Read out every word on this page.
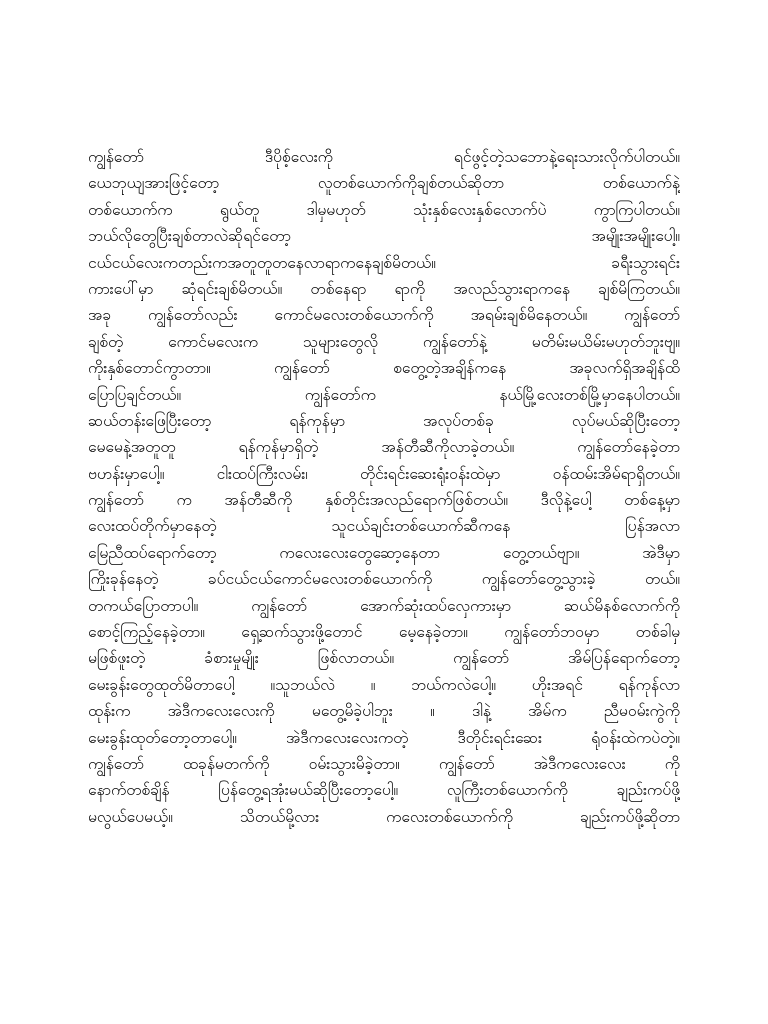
ကျွန်တော် ဒီပိုစ့်လေးကို ရင်ဖွင့်တဲ့သဘောနဲ့ရေးသားလိုက်ပါတယ်။
ယေဘုယျအားဖြင့်တော့ လူတစ်ယောက်ကိုချစ်တယ်ဆိုတာ တစ်ယောက်နဲ့
တစ်ယောက်က ရွယ်တူ ဒါမှမဟုတ် သုံးနှစ်လေးနှစ်လောက်ပဲ ကွာကြပါတယ်။
ဘယ်လိုတွေပြီးချစ်တာလဲဆိုရင်တော့ အမျိုးအမျိုးပေါ့။
ငယ်ငယ်လေးကတည်းကအတူတူတနေလာရာကနေချစ်မိတယ်။ ခရီးသွားရင်း
ကားပေါ်မှာ ဆုံရင်းချစ်မိတယ်။ တစ်နေရာ ရာကို အလည်သွားရာကနေ ချစ်မိကြတယ်။
အခု ကျွန်တော်လည်း ကောင်မလေးတစ်ယောက်ကို အရမ်းချစ်မိနေတယ်။ ကျွန်တော်
ချစ်တဲ့ ကောင်မလေးက သူများတွေလို ကျွန်တော်နဲ့ မတိမ်းမယိမ်းမဟုတ်ဘူးဗျ။
ကိုးနှစ်တောင်ကွာတာ။ ကျွန်တော် စတွေ့တဲ့အချိန်ကနေ အခုလက်ရှိအချိန်ထိ
ပြောပြချင်တယ်။ ကျွန်တော်က နယ်မြို့လေးတစ်မြို့မှာနေပါတယ်။
ဆယ်တန်းဖြေပြီးတော့ ရန်ကုန်မှာ အလုပ်တစ်ခု လုပ်မယ်ဆိုပြီးတော့
မေမေနဲ့အတူတူ ရန်ကုန်မှာရှိတဲ့ အန်တီဆီကိုလာခဲ့တယ်။ ကျွန်တော်နေခဲ့တာ
ဗဟန်းမှာပေါ့။ ငါးထပ်ကြီးလမ်း၊ တိုင်းရင်းဆေးရုံးဝန်းထဲမှာ ဝန်ထမ်းအိမ်ရာရှိတယ်။
ကျွန်တော် က အန်တီဆီကို နှစ်တိုင်းအလည်ရောက်ဖြစ်တယ်။ ဒီလိုနဲ့ပေါ့ တစ်နေ့မှာ
လေးထပ်တိုက်မှာနေတဲ့ သူငယ်ချင်းတစ်ယောက်ဆီကနေ ပြန်အလာ
မြေညီထပ်ရောက်တော့ ကလေးလေးတွေဆော့နေတာ တွေ့တယ်ဗျာ။ အဲဒီမှာ
ကြိုးခုန်နေတဲ့ ခပ်ငယ်ငယ်ကောင်မလေးတစ်ယောက်ကို ကျွန်တော်တွေ့သွားခဲ့ တယ်။
တကယ်ပြောတာပါ။ ကျွန်တော် အောက်ဆုံးထပ်လှေကားမှာ ဆယ်မိနစ်လောက်ကို
စောင့်ကြည့်နေခဲ့တာ။ ရှေ့ဆက်သွားဖို့တောင် မေ့နေခဲ့တာ။ ကျွန်တော်ဘဝမှာ တစ်ခါမှ
မဖြစ်ဖူးတဲ့ ခံစားမှုမျိုး ဖြစ်လာတယ်။ ကျွန်တော် အိမ်ပြန်ရောက်တော့
မေးခွန်းတွေထုတ်မိတာပေါ့ ။သူဘယ်လဲ ။ ဘယ်ကလဲပေါ့။ ဟိုးအရင် ရန်ကုန်လာ
ထုန်းက အဲဒီကလေးလေးကို မတွေ့မိခဲ့ပါဘူး ။ ဒါနဲ့ အိမ်က ညီမဝမ်းကွဲကို
မေးခွန်းထုတ်တော့တာပေါ့။ အဲဒီကလေးလေးကတဲ့ ဒီတိုင်းရင်းဆေး ရုံဝန်းထဲကပဲတဲ့။
ကျွန်တော် ထခုန်မတက်ကို ဝမ်းသွားမိခဲ့တာ။ ကျွန်တော် အဲဒီကလေးလေး ကို
နောက်တစ်ချိန် ပြန်တွေ့ရအုံးမယ်ဆိုပြီးတော့ပေါ့။ လူကြီးတစ်ယောက်ကို ချည်းကပ်ဖို့
မလွယ်ပေမယ့်။ သိတယ်မို့လား ကလေးတစ်ယောက်ကို ချည်းကပ်ဖို့ဆိုတာ
